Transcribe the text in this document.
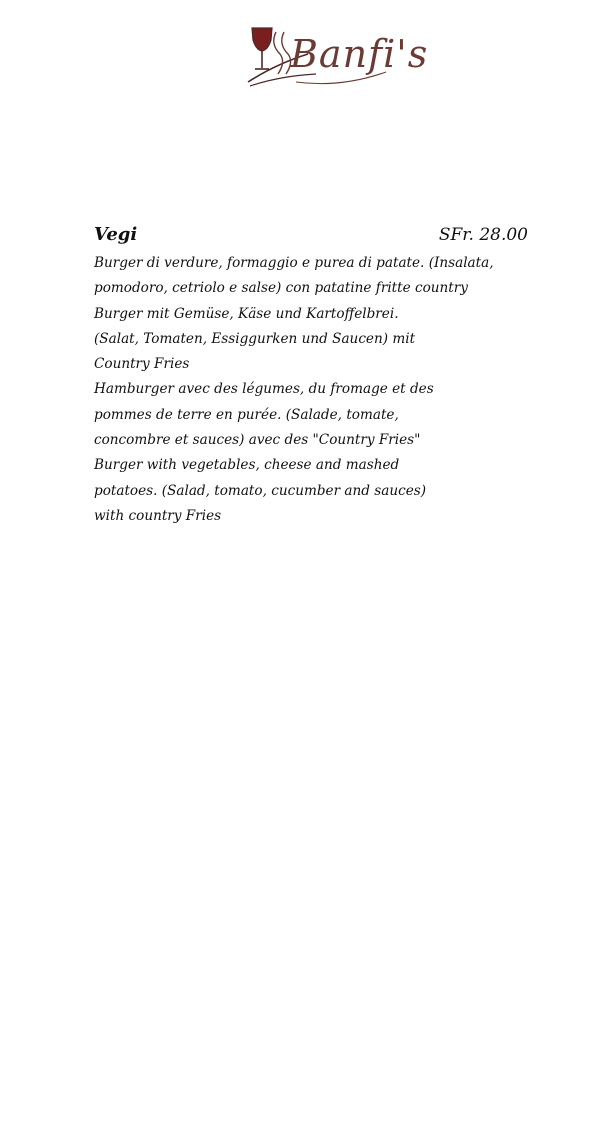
Banfi's
Vegi	SFr. 28.00
Burger di verdure, formaggio e purea di patate. (Insalata,
pomodoro, cetriolo e salse) con patatine fritte country
Burger mit Gemüse, Käse und Kartoffelbrei.
(Salat, Tomaten, Essiggurken und Saucen) mit
Country Fries
Hamburger avec des légumes, du fromage et des
pommes de terre en purée. (Salade, tomate,
concombre et sauces) avec des "Country Fries"
Burger with vegetables, cheese and mashed
potatoes. (Salad, tomato, cucumber and sauces)
with country Fries
